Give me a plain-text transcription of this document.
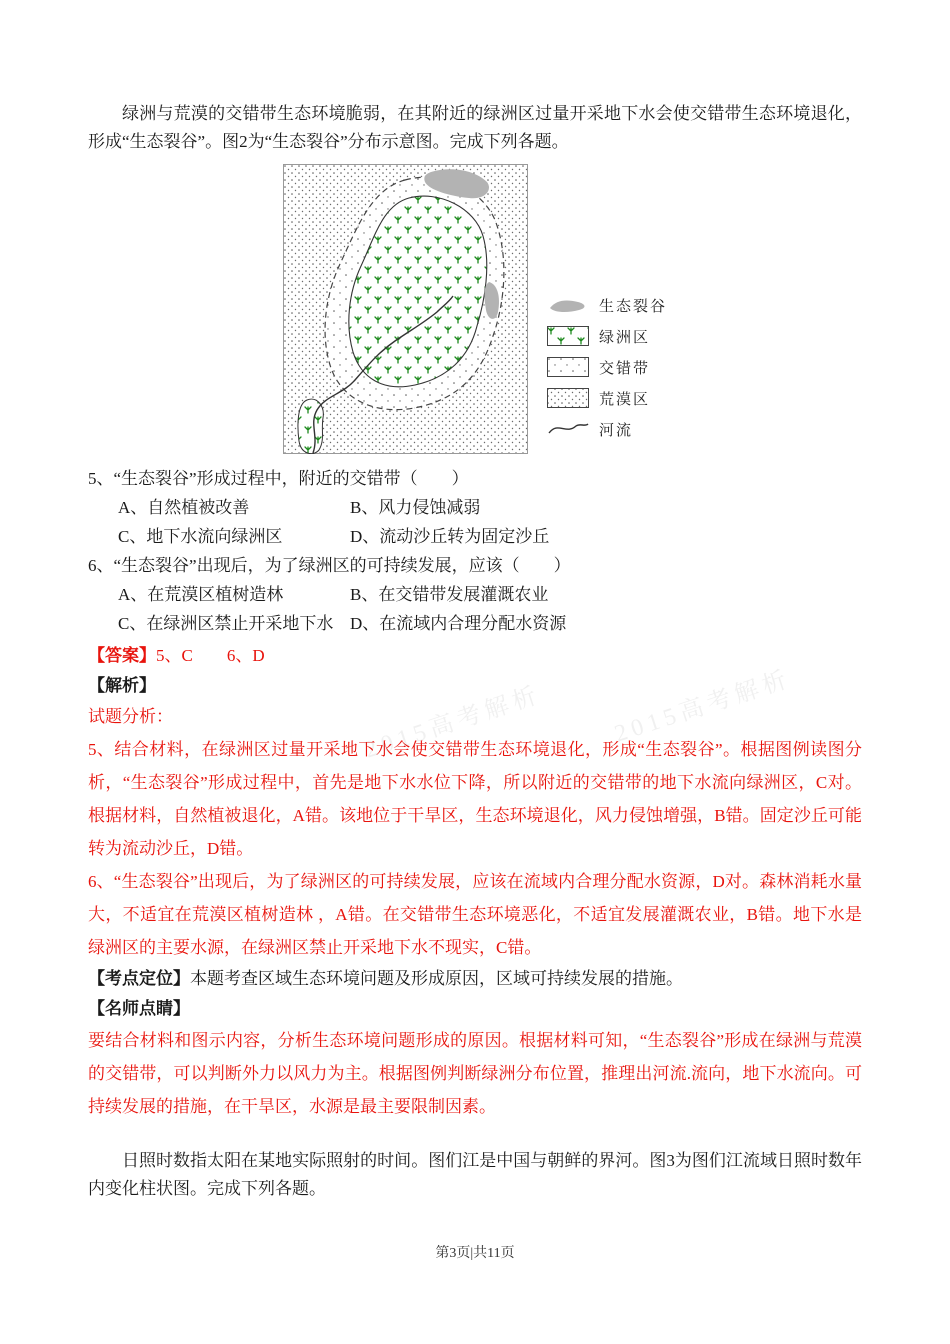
2015高考解析	2015高考解析

绿洲与荒漠的交错带生态环境脆弱，在其附近的绿洲区过量开采地下水会使交错带生态环境退化，形成“生态裂谷”。图2为“生态裂谷”分布示意图。完成下列各题。

生态裂谷
绿洲区
交错带
荒漠区
河流

5、“生态裂谷”形成过程中，附近的交错带（　　）

A、自然植被改善	B、风力侵蚀减弱
C、地下水流向绿洲区	D、流动沙丘转为固定沙丘

6、“生态裂谷”出现后，为了绿洲区的可持续发展，应该（　　）

A、在荒漠区植树造林	B、在交错带发展灌溉农业
C、在绿洲区禁止开采地下水 D、在流域内合理分配水资源

【答案】5、C　　6、D

【解析】

试题分析：

5、结合材料，在绿洲区过量开采地下水会使交错带生态环境退化，形成“生态裂谷”。根据图例读图分析，“生态裂谷”形成过程中，首先是地下水水位下降，所以附近的交错带的地下水流向绿洲区，C对。根据材料，自然植被退化，A错。该地位于干旱区，生态环境退化，风力侵蚀增强，B错。固定沙丘可能转为流动沙丘，D错。

6、“生态裂谷”出现后，为了绿洲区的可持续发展，应该在流域内合理分配水资源，D对。森林消耗水量大，不适宜在荒漠区植树造林 ，A错。在交错带生态环境恶化，不适宜发展灌溉农业，B错。地下水是绿洲区的主要水源，在绿洲区禁止开采地下水不现实，C错。

【考点定位】本题考查区域生态环境问题及形成原因，区域可持续发展的措施。

【名师点睛】

要结合材料和图示内容，分析生态环境问题形成的原因。根据材料可知，“生态裂谷”形成在绿洲与荒漠的交错带，可以判断外力以风力为主。根据图例判断绿洲分布位置，推理出河流.流向，地下水流向。可持续发展的措施，在干旱区，水源是最主要限制因素。

日照时数指太阳在某地实际照射的时间。图们江是中国与朝鲜的界河。图3为图们江流域日照时数年内变化柱状图。完成下列各题。

第3页|共11页
